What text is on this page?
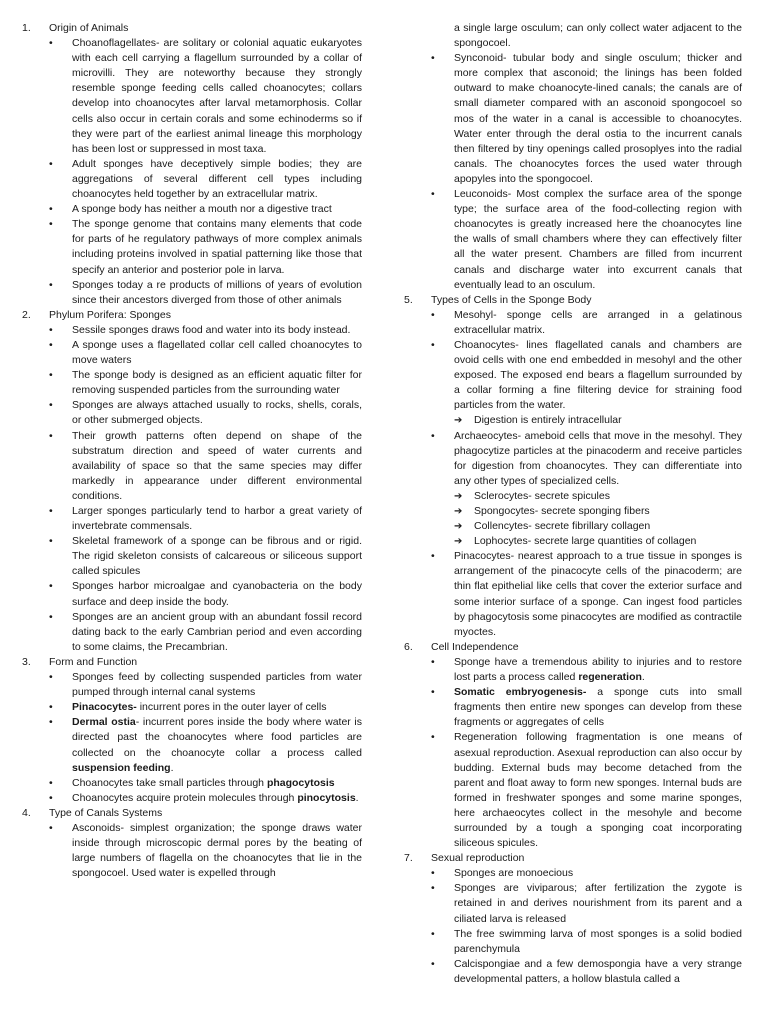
1.	Origin of Animals
• Choanoflagellates- are solitary or colonial aquatic eukaryotes with each cell carrying a flagellum surrounded by a collar of microvilli. They are noteworthy because they strongly resemble sponge feeding cells called choanocytes; collars develop into choanocytes after larval metamorphosis. Collar cells also occur in certain corals and some echinoderms so if they were part of the earliest animal lineage this morphology has been lost or suppressed in most taxa.
• Adult sponges have deceptively simple bodies; they are aggregations of several different cell types including choanocytes held together by an extracellular matrix.
• A sponge body has neither a mouth nor a digestive tract
• The sponge genome that contains many elements that code for parts of he regulatory pathways of more complex animals including proteins involved in spatial patterning like those that specify an anterior and posterior pole in larva.
• Sponges today a re products of millions of years of evolution since their ancestors diverged from those of other animals
2.	Phylum Porifera: Sponges
• Sessile sponges draws food and water into its body instead.
• A sponge uses a flagellated collar cell called choanocytes to move waters
• The sponge body is designed as an efficient aquatic filter for removing suspended particles from the surrounding water
• Sponges are always attached usually to rocks, shells, corals, or other submerged objects.
• Their growth patterns often depend on shape of the substratum direction and speed of water currents and availability of space so that the same species may differ markedly in appearance under different environmental conditions.
• Larger sponges particularly tend to harbor a great variety of invertebrate commensals.
• Skeletal framework of a sponge can be fibrous and or rigid. The rigid skeleton consists of calcareous or siliceous support called spicules
• Sponges harbor microalgae and cyanobacteria on the body surface and deep inside the body.
• Sponges are an ancient group with an abundant fossil record dating back to the early Cambrian period and even according to some claims, the Precambrian.
3.	Form and Function
• Sponges feed by collecting suspended particles from water pumped through internal canal systems
• Pinacocytes- incurrent pores in the outer layer of cells
• Dermal ostia- incurrent pores inside the body where water is directed past the choanocytes where food particles are collected on the choanocyte collar a process called suspension feeding.
• Choanocytes take small particles through phagocytosis
• Choanocytes acquire protein molecules through pinocytosis.
4.	Type of Canals Systems
• Asconoids- simplest organization; the sponge draws water inside through microscopic dermal pores by the beating of large numbers of flagella on the choanocytes that lie in the spongocoel. Used water is expelled through
a single large osculum; can only collect water adjacent to the spongocoel.
• Synconoid- tubular body and single osculum; thicker and more complex that asconoid; the linings has been folded outward to make choanocyte-lined canals; the canals are of small diameter compared with an asconoid spongocoel so mos of the water in a canal is accessible to choanocytes. Water enter through the deral ostia to the incurrent canals then filtered by tiny openings called prosoplyes into the radial canals. The choanocytes forces the used water through apopyles into the spongocoel.
• Leuconoids- Most complex the surface area of the sponge type; the surface area of the food-collecting region with choanocytes is greatly increased here the choanocytes line the walls of small chambers where they can effectively filter all the water present. Chambers are filled from incurrent canals and discharge water into excurrent canals that eventually lead to an osculum.
5.	Types of Cells in the Sponge Body
• Mesohyl- sponge cells are arranged in a gelatinous extracellular matrix.
• Choanocytes- lines flagellated canals and chambers are ovoid cells with one end embedded in mesohyl and the other exposed. The exposed end bears a flagellum surrounded by a collar forming a fine filtering device for straining food particles from the water.
➔ Digestion is entirely intracellular
• Archaeocytes- ameboid cells that move in the mesohyl. They phagocytize particles at the pinacoderm and receive particles for digestion from choanocytes. They can differentiate into any other types of specialized cells.
➔ Sclerocytes- secrete spicules
➔ Spongocytes- secrete sponging fibers
➔ Collencytes- secrete fibrillary collagen
➔ Lophocytes- secrete large quantities of collagen
• Pinacocytes- nearest approach to a true tissue in sponges is arrangement of the pinacocyte cells of the pinacoderm; are thin flat epithelial like cells that cover the exterior surface and some interior surface of a sponge. Can ingest food particles by phagocytosis some pinacocytes are modified as contractile myoctes.
6.	Cell Independence
• Sponge have a tremendous ability to injuries and to restore lost parts a process called regeneration.
• Somatic embryogenesis- a sponge cuts into small fragments then entire new sponges can develop from these fragments or aggregates of cells
• Regeneration following fragmentation is one means of asexual reproduction. Asexual reproduction can also occur by budding. External buds may become detached from the parent and float away to form new sponges. Internal buds are formed in freshwater sponges and some marine sponges, here archaeocytes collect in the mesohyle and become surrounded by a tough a sponging coat incorporating siliceous spicules.
7.	Sexual reproduction
• Sponges are monoecious
• Sponges are viviparous; after fertilization the zygote is retained in and derives nourishment from its parent and a ciliated larva is released
• The free swimming larva of most sponges is a solid bodied parenchymula
• Calcispongiae and a few demospongia have a very strange developmental patters, a hollow blastula called a
